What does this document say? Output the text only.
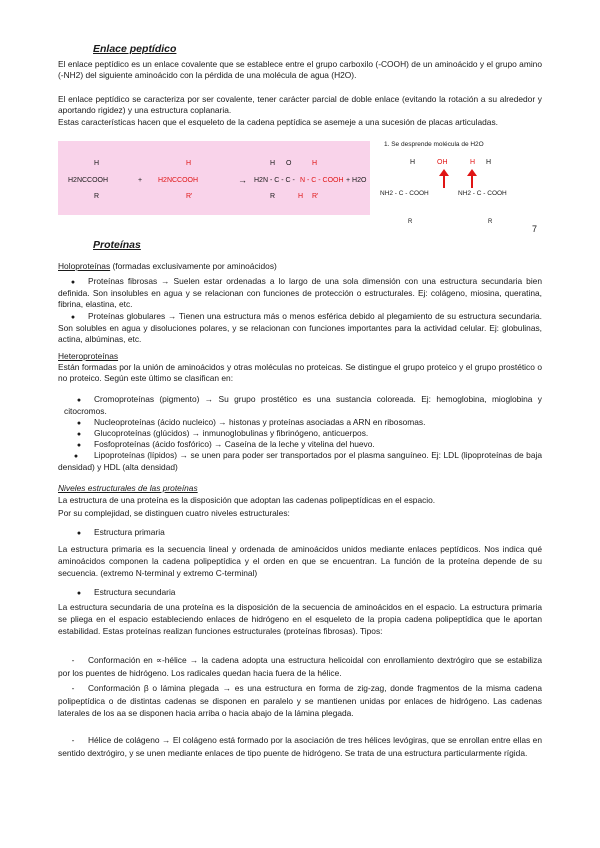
Enlace peptídico
El enlace peptídico es un enlace covalente que se establece entre el grupo carboxilo (-COOH) de un aminoácido y el grupo amino (-NH2) del siguiente aminoácido con la pérdida de una molécula de agua (H2O).
El enlace peptídico se caracteriza por ser covalente, tener carácter parcial de doble enlace (evitando la rotación a su alrededor y aportando rigidez) y una estructura coplanaria.
Estas características hacen que el esqueleto de la cadena peptídica se asemeje a una sucesión de placas articuladas.
H
H2NCCOOH
R
+
H
H2NCCOOH
R'
→
H O	H
H2N - C - C - N - C - COOH + H2O
R	H R'
1. Se desprende molécula de H2O
H	OH
NH2 - C - COOH
R
H H
NH2 - C - COOH
R
7
Proteínas
Holoproteínas (formadas exclusivamente por aminoácidos)
● Proteínas fibrosas → Suelen estar ordenadas a lo largo de una sola dimensión con una estructura secundaria bien definida. Son insolubles en agua y se relacionan con funciones de protección o estructurales. Ej: colágeno, miosina, queratina, fibrina, elastina, etc.
● Proteínas globulares → Tienen una estructura más o menos esférica debido al plegamiento de su estructura secundaria. Son solubles en agua y disoluciones polares, y se relacionan con funciones importantes para la actividad celular. Ej: globulinas, actina, albúminas, etc.
Heteroproteínas
Están formadas por la unión de aminoácidos y otras moléculas no proteicas. Se distingue el grupo proteico y el grupo prostético o no proteico. Según este último se clasifican en:
● Cromoproteínas (pigmento) → Su grupo prostético es una sustancia coloreada. Ej: hemoglobina, mioglobina y citocromos.
● Nucleoproteínas (ácido nucleico) → histonas y proteínas asociadas a ARN en ribosomas.
● Glucoproteínas (glúcidos) → inmunoglobulinas y fibrinógeno, anticuerpos.
● Fosfoproteínas (ácido fosfórico) → Caseína de la leche y vitelina del huevo.
● Lipoproteínas (lípidos) → se unen para poder ser transportados por el plasma sanguíneo. Ej: LDL (lipoproteínas de baja densidad) y HDL (alta densidad)
Niveles estructurales de las proteínas
La estructura de una proteína es la disposición que adoptan las cadenas polipeptídicas en el espacio.
Por su complejidad, se distinguen cuatro niveles estructurales:
● Estructura primaria
La estructura primaria es la secuencia lineal y ordenada de aminoácidos unidos mediante enlaces peptídicos. Nos indica qué aminoácidos componen la cadena polipeptídica y el orden en que se encuentran. La función de la proteína depende de su secuencia. (extremo N-terminal y extremo C-terminal)
● Estructura secundaria
La estructura secundaria de una proteína es la disposición de la secuencia de aminoácidos en el espacio. La estructura primaria se pliega en el espacio estableciendo enlaces de hidrógeno en el esqueleto de la propia cadena polipeptídica que le aportan estabilidad. Estas proteínas realizan funciones estructurales (proteínas fibrosas). Tipos:
- Conformación en ∝-hélice → la cadena adopta una estructura helicoidal con enrollamiento dextrógiro que se estabiliza por los puentes de hidrógeno. Los radicales quedan hacia fuera de la hélice.
- Conformación β o lámina plegada → es una estructura en forma de zig-zag, donde fragmentos de la misma cadena polipeptídica o de distintas cadenas se disponen en paralelo y se mantienen unidas por enlaces de hidrógeno. Las cadenas laterales de los aa se disponen hacia arriba o hacia abajo de la lámina plegada.
- Hélice de colágeno → El colágeno está formado por la asociación de tres hélices levógiras, que se enrollan entre ellas en sentido dextrógiro, y se unen mediante enlaces de tipo puente de hidrógeno. Se trata de una estructura particularmente rígida.
